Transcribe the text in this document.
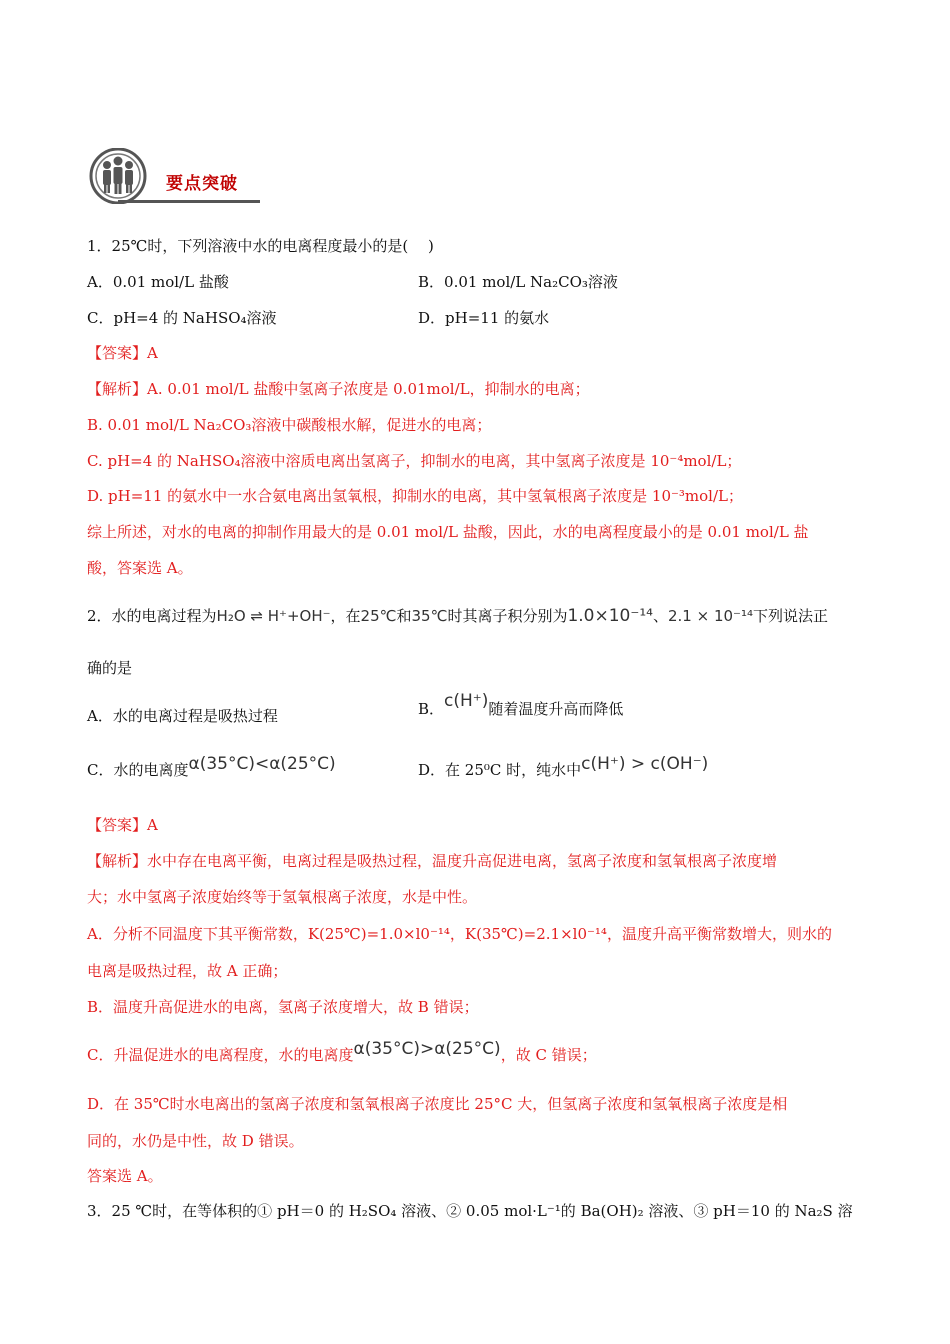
要点突破
1．25℃时，下列溶液中水的电离程度最小的是(　 )
A．0.01 mol/L 盐酸	B．0.01 mol/L Na₂CO₃溶液
C．pH=4 的 NaHSO₄溶液	D．pH=11 的氨水
【答案】A
【解析】A. 0.01 mol/L 盐酸中氢离子浓度是 0.01mol/L，抑制水的电离；
B. 0.01 mol/L Na₂CO₃溶液中碳酸根水解，促进水的电离；
C. pH=4 的 NaHSO₄溶液中溶质电离出氢离子，抑制水的电离，其中氢离子浓度是 10⁻⁴mol/L；
D. pH=11 的氨水中一水合氨电离出氢氧根，抑制水的电离，其中氢氧根离子浓度是 10⁻³mol/L；
综上所述，对水的电离的抑制作用最大的是 0.01 mol/L 盐酸，因此，水的电离程度最小的是 0.01 mol/L 盐
酸，答案选 A。
2．水的电离过程为H₂O ⇌ H⁺+OH⁻，在25℃和35℃时其离子积分别为1.0×10⁻¹⁴、2.1 × 10⁻¹⁴下列说法正
确的是
A．水的电离过程是吸热过程	B．c(H⁺)随着温度升高而降低
C．水的电离度α(35°C)<α(25°C)	D．在 25⁰C 时，纯水中c(H⁺) > c(OH⁻)
【答案】A
【解析】水中存在电离平衡，电离过程是吸热过程，温度升高促进电离，氢离子浓度和氢氧根离子浓度增
大；水中氢离子浓度始终等于氢氧根离子浓度，水是中性。
A．分析不同温度下其平衡常数，K(25℃)=1.0×l0⁻¹⁴，K(35℃)=2.1×l0⁻¹⁴，温度升高平衡常数增大，则水的
电离是吸热过程，故 A 正确；
B．温度升高促进水的电离，氢离子浓度增大，故 B 错误；
C．升温促进水的电离程度，水的电离度α(35°C)>α(25°C)，故 C 错误；
D．在 35℃时水电离出的氢离子浓度和氢氧根离子浓度比 25°C 大，但氢离子浓度和氢氧根离子浓度是相
同的，水仍是中性，故 D 错误。
答案选 A。
3．25 ℃时，在等体积的① pH＝0 的 H₂SO₄ 溶液、② 0.05 mol·L⁻¹的 Ba(OH)₂ 溶液、③ pH＝10 的 Na₂S 溶
